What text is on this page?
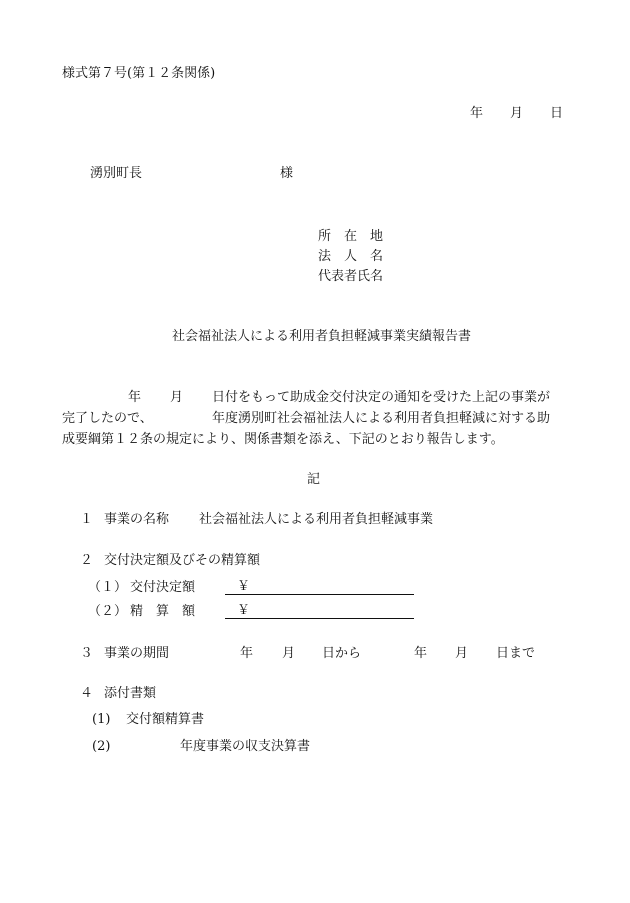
様式第７号(第１２条関係)
年 月 日
湧別町長	様
所　在　地
法　人　名
代表者氏名
社会福祉法人による利用者負担軽減事業実績報告書
年 月 日付をもって助成金交付決定の通知を受けた上記の事業が
完了したので、	年度湧別町社会福祉法人による利用者負担軽減に対する助
成要綱第１２条の規定により、関係書類を添え、下記のとおり報告します。
記
１ 事業の名称 社会福祉法人による利用者負担軽減事業
２ 交付決定額及びその精算額
（１） 交付決定額	￥
（２） 精　算　額	￥
３ 事業の期間	年 月 日から	年 月 日まで
４ 添付書類
(1) 交付額精算書
(2)	年度事業の収支決算書
